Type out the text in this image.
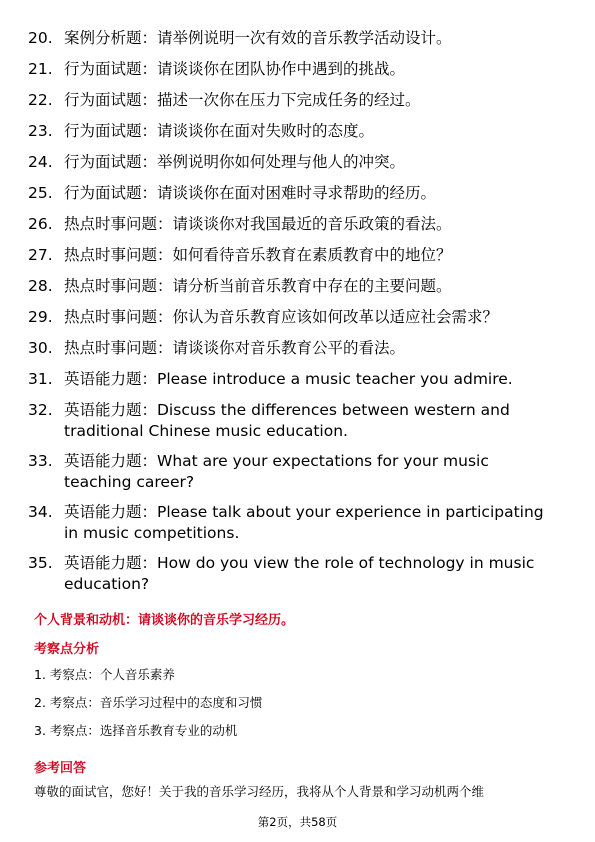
20. 案例分析题：请举例说明一次有效的音乐教学活动设计。
21. 行为面试题：请谈谈你在团队协作中遇到的挑战。
22. 行为面试题：描述一次你在压力下完成任务的经过。
23. 行为面试题：请谈谈你在面对失败时的态度。
24. 行为面试题：举例说明你如何处理与他人的冲突。
25. 行为面试题：请谈谈你在面对困难时寻求帮助的经历。
26. 热点时事问题：请谈谈你对我国最近的音乐政策的看法。
27. 热点时事问题：如何看待音乐教育在素质教育中的地位？
28. 热点时事问题：请分析当前音乐教育中存在的主要问题。
29. 热点时事问题：你认为音乐教育应该如何改革以适应社会需求？
30. 热点时事问题：请谈谈你对音乐教育公平的看法。
31. 英语能力题：Please introduce a music teacher you admire.
32. 英语能力题：Discuss the differences between western and traditional Chinese music education.
33. 英语能力题：What are your expectations for your music teaching career?
34. 英语能力题：Please talk about your experience in participating in music competitions.
35. 英语能力题：How do you view the role of technology in music education?
个人背景和动机：请谈谈你的音乐学习经历。
考察点分析
1. 考察点：个人音乐素养
2. 考察点：音乐学习过程中的态度和习惯
3. 考察点：选择音乐教育专业的动机
参考回答
尊敬的面试官，您好！关于我的音乐学习经历，我将从个人背景和学习动机两个维
第2页，共58页
